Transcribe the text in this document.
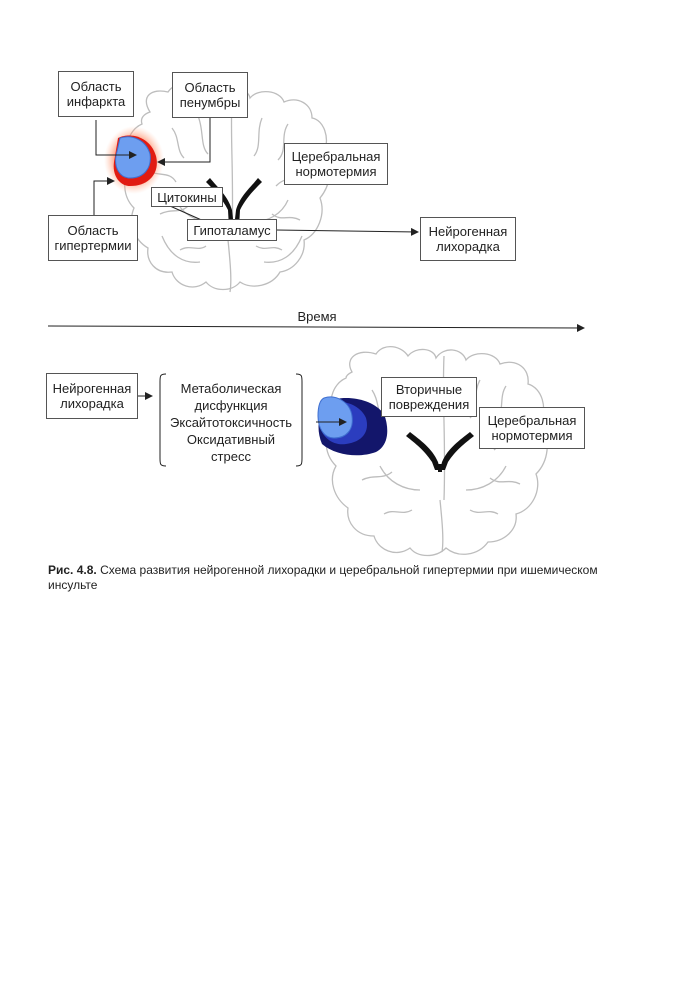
Область
инфаркта
Область
пенумбры
Церебральная
нормотермия
Цитокины
Область
гипертермии
Гипоталамус	Нейрогенная
лихорадка
Время
Нейрогенная
лихорадка
Метаболическая
дисфункция
Эксайтотоксичность
Оксидативный
стресс
Вторичные
повреждения
Церебральная
нормотермия
Рис. 4.8. Схема развития нейрогенной лихорадки и церебральной гипертермии при ишемическом инсульте
